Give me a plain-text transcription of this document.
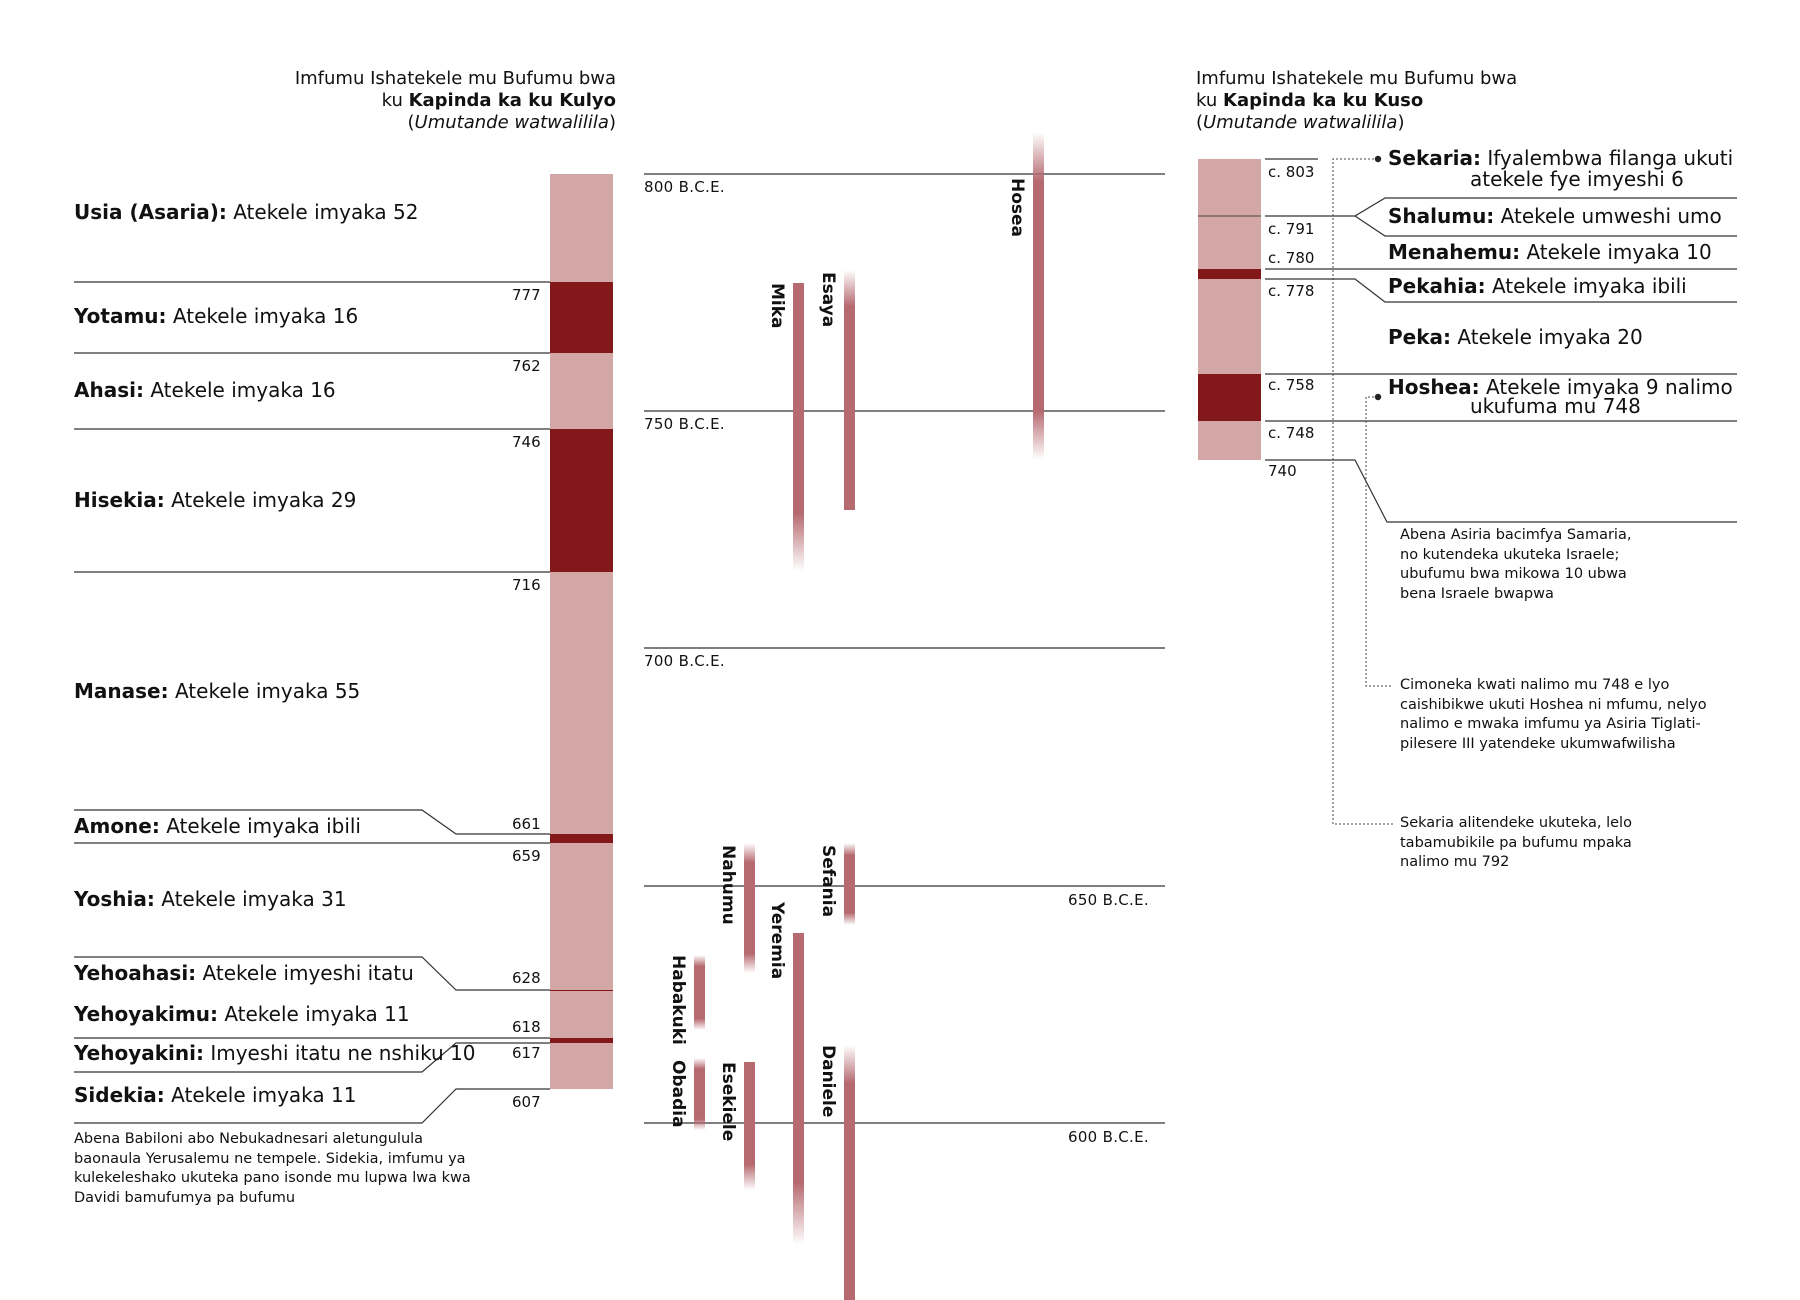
Imfumu Ishatekele mu Bufumu bwa
ku Kapinda ka ku Kulyo
(Umutande watwalilila)
Imfumu Ishatekele mu Bufumu bwa
ku Kapinda ka ku Kuso
(Umutande watwalilila)
Usia (Asaria): Atekele imyaka 52
Yotamu: Atekele imyaka 16
Ahasi: Atekele imyaka 16
Hisekia: Atekele imyaka 29
Manase: Atekele imyaka 55
Amone: Atekele imyaka ibili
Yoshia: Atekele imyaka 31
Yehoahasi: Atekele imyeshi itatu
Yehoyakimu: Atekele imyaka 11
Yehoyakini: Imyeshi itatu ne nshiku 10
Sidekia: Atekele imyaka 11
777
762
746
716
661
659
628
618
617
607
Abena Babiloni abo Nebukadnesari aletungulula baonaula Yerusalemu ne tempele. Sidekia, imfumu ya kulekeleshako ukuteka pano isonde mu lupwa lwa kwa Davidi bamufumya pa bufumu
800 B.C.E.
750 B.C.E.
700 B.C.E.
650 B.C.E.
600 B.C.E.
Hosea
Mika Esaya
Nahumu	Sefania
Yeremia
Habakuki
Obadia Esekiele	Daniele
c. 803
c. 791
c. 780
c. 778
c. 758
c. 748
740
Sekaria: Ifyalembwa filanga ukuti
atekele fye imyeshi 6
Shalumu: Atekele umweshi umo
Menahemu: Atekele imyaka 10
Pekahia: Atekele imyaka ibili
Peka: Atekele imyaka 20
Hoshea: Atekele imyaka 9 nalimo
ukufuma mu 748
Abena Asiria bacimfya Samaria, no kutendeka ukuteka Israele; ubufumu bwa mikowa 10 ubwa bena Israele bwapwa
Cimoneka kwati nalimo mu 748 e lyo caishibikwe ukuti Hoshea ni mfumu, nelyo nalimo e mwaka imfumu ya Asiria Tiglati-pilesere III yatendeke ukumwafwilisha
Sekaria alitendeke ukuteka, lelo tabamubikile pa bufumu mpaka nalimo mu 792
